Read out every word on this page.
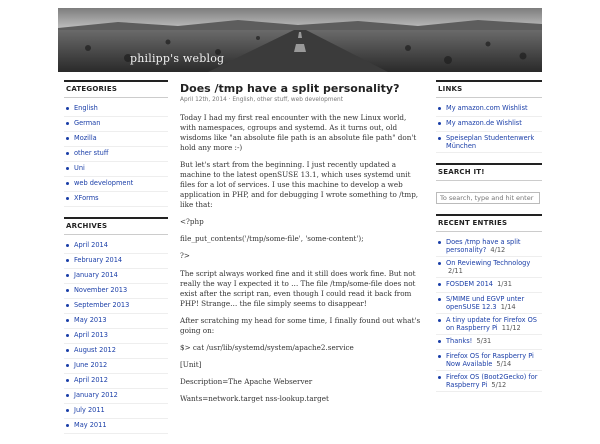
philipp's weblog
CATEGORIES
English
German
Mozilla
other stuff
Uni
web development
XForms
ARCHIVES
April 2014
February 2014
January 2014
November 2013
September 2013
May 2013
April 2013
August 2012
June 2012
April 2012
January 2012
July 2011
May 2011
Does /tmp have a split personality?
April 12th, 2014 · English, other stuff, web development

Today I had my first real encounter with the new Linux world, with namespaces, cgroups and systemd. As it turns out, old wisdoms like "an absolute file path is an absolute file path" don't hold any more :-)

But let's start from the beginning. I just recently updated a machine to the latest openSUSE 13.1, which uses systemd unit files for a lot of services. I use this machine to develop a web application in PHP, and for debugging I wrote something to /tmp, like that:

<?php

file_put_contents('/tmp/some-file', 'some-content');

?>

The script always worked fine and it still does work fine. But not really the way I expected it to … The file /tmp/some-file does not exist after the script ran, even though I could read it back from PHP! Strange… the file simply seems to disappear!

After scratching my head for some time, I finally found out what's going on:

$> cat /usr/lib/systemd/system/apache2.service

[Unit]

Description=The Apache Webserver

Wants=network.target nss-lookup.target

LINKS
My amazon.com Wishlist
My amazon.de Wishlist
Speiseplan Studentenwerk München
SEARCH IT!
To search, type and hit enter
RECENT ENTRIES
Does /tmp have a split personality? 4/12
On Reviewing Technology 2/11
FOSDEM 2014 1/31
S/MIME und EGVP unter openSUSE 12.3 1/14
A tiny update for Firefox OS on Raspberry Pi 11/12
Thanks! 5/31
Firefox OS for Raspberry Pi Now Available 5/14
Firefox OS (Boot2Gecko) for Raspberry Pi 5/12
